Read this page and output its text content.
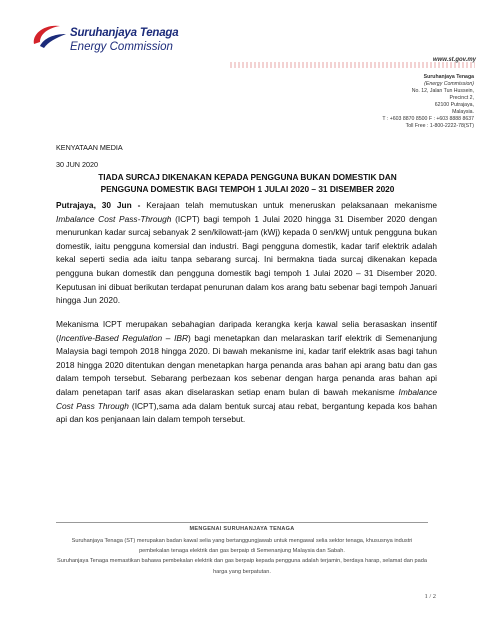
Suruhanjaya Tenaga
Energy Commission
www.st.gov.my
Suruhanjaya Tenaga
(Energy Commission)
No. 12, Jalan Tun Hussein,
Precinct 2,
62100 Putrajaya,
Malaysia.
T : +603 8870 8500 F : +603 8888 8637
Toll Free : 1-800-2222-78(ST)
KENYATAAN MEDIA
30 JUN 2020
TIADA SURCAJ DIKENAKAN KEPADA PENGGUNA BUKAN DOMESTIK DAN
PENGGUNA DOMESTIK BAGI TEMPOH 1 JULAI 2020 – 31 DISEMBER 2020
Putrajaya, 30 Jun - Kerajaan telah memutuskan untuk meneruskan pelaksanaan mekanisme Imbalance Cost Pass-Through (ICPT) bagi tempoh 1 Julai 2020 hingga 31 Disember 2020 dengan menurunkan kadar surcaj sebanyak 2 sen/kilowatt-jam (kWj) kepada 0 sen/kWj untuk pengguna bukan domestik, iaitu pengguna komersial dan industri. Bagi pengguna domestik, kadar tarif elektrik adalah kekal seperti sedia ada iaitu tanpa sebarang surcaj. Ini bermakna tiada surcaj dikenakan kepada pengguna bukan domestik dan pengguna domestik bagi tempoh 1 Julai 2020 – 31 Disember 2020. Keputusan ini dibuat berikutan terdapat penurunan dalam kos arang batu sebenar bagi tempoh Januari hingga Jun 2020.
Mekanisma ICPT merupakan sebahagian daripada kerangka kerja kawal selia berasaskan insentif (Incentive-Based Regulation – IBR) bagi menetapkan dan melaraskan tarif elektrik di Semenanjung Malaysia bagi tempoh 2018 hingga 2020. Di bawah mekanisme ini, kadar tarif elektrik asas bagi tahun 2018 hingga 2020 ditentukan dengan menetapkan harga penanda aras bahan api arang batu dan gas dalam tempoh tersebut. Sebarang perbezaan kos sebenar dengan harga penanda aras bahan api dalam penetapan tarif asas akan diselaraskan setiap enam bulan di bawah mekanisme Imbalance Cost Pass Through (ICPT),sama ada dalam bentuk surcaj atau rebat, bergantung kepada kos bahan api dan kos penjanaan lain dalam tempoh tersebut.
MENGENAI SURUHANJAYA TENAGA
Suruhanjaya Tenaga (ST) merupakan badan kawal selia yang bertanggungjawab untuk mengawal selia sektor tenaga, khususnya industri pembekalan tenaga elektrik dan gas berpaip di Semenanjung Malaysia dan Sabah.
Suruhanjaya Tenaga memastikan bahawa pembekalan elektrik dan gas berpaip kepada pengguna adalah terjamin, berdaya harap, selamat dan pada harga yang berpatutan.
1 / 2
